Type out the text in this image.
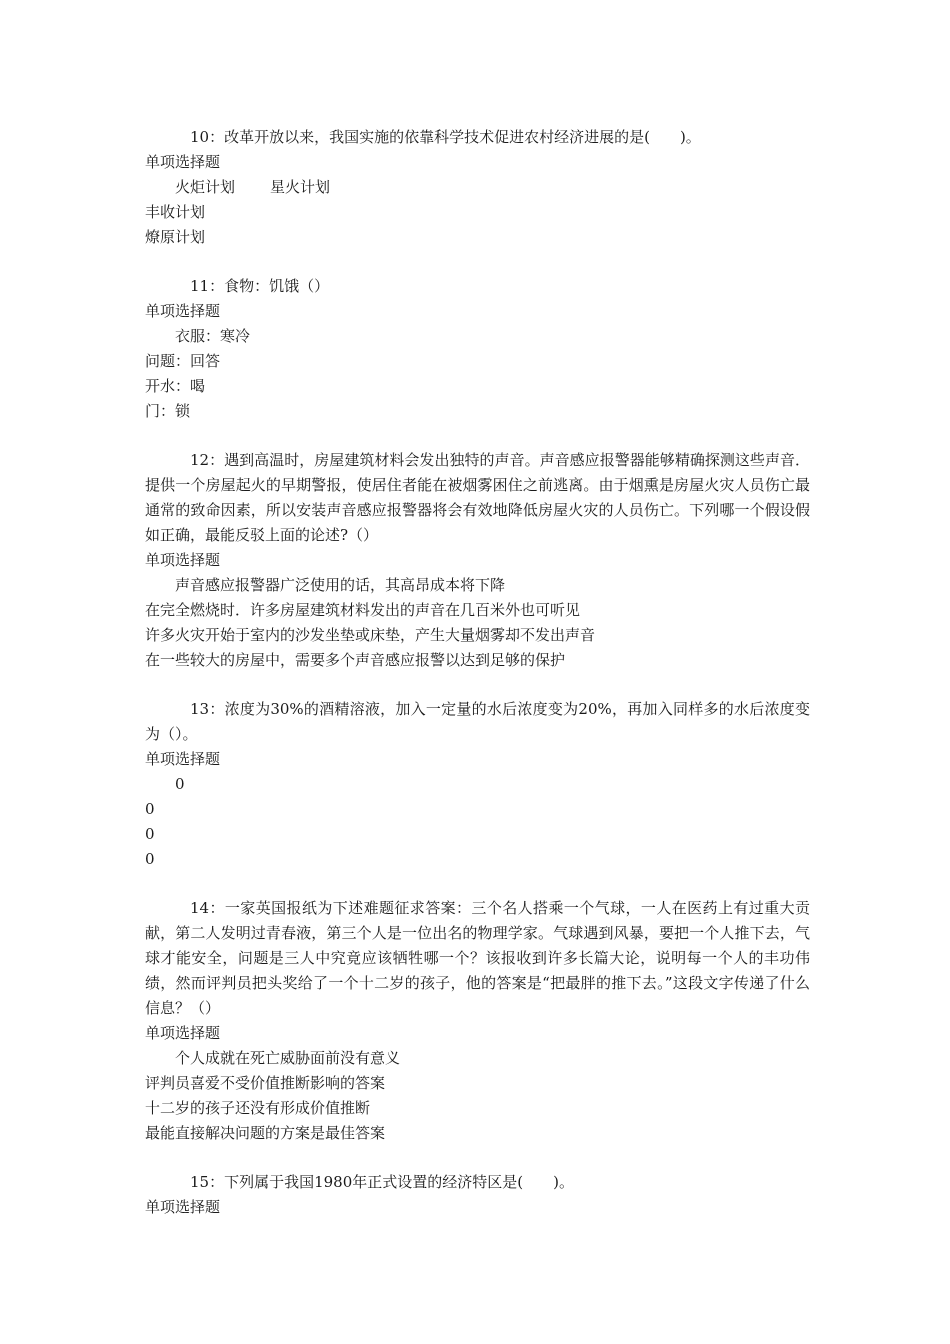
10：改革开放以来，我国实施的依靠科学技术促进农村经济进展的是(　　)。
单项选择题
火炬计划 星火计划
丰收计划
燎原计划
11：食物：饥饿（）
单项选择题
衣服：寒冷
问题：回答
开水：喝
门：锁
12：遇到高温时，房屋建筑材料会发出独特的声音。声音感应报警器能够精确探测这些声音．提供一个房屋起火的早期警报，使居住者能在被烟雾困住之前逃离。由于烟熏是房屋火灾人员伤亡最通常的致命因素，所以安装声音感应报警器将会有效地降低房屋火灾的人员伤亡。下列哪一个假设假如正确，最能反驳上面的论述?（）
单项选择题
声音感应报警器广泛使用的话，其高昂成本将下降
在完全燃烧时．许多房屋建筑材料发出的声音在几百米外也可听见
许多火灾开始于室内的沙发坐垫或床垫，产生大量烟雾却不发出声音
在一些较大的房屋中，需要多个声音感应报警以达到足够的保护
13：浓度为30%的酒精溶液，加入一定量的水后浓度变为20%，再加入同样多的水后浓度变为（）。
单项选择题
0
0
0
0
14：一家英国报纸为下述难题征求答案：三个名人搭乘一个气球，一人在医药上有过重大贡献，第二人发明过青春液，第三个人是一位出名的物理学家。气球遇到风暴，要把一个人推下去，气球才能安全，问题是三人中究竟应该牺牲哪一个？该报收到许多长篇大论，说明每一个人的丰功伟绩，然而评判员把头奖给了一个十二岁的孩子，他的答案是“把最胖的推下去。”这段文字传递了什么信息？（）
单项选择题
个人成就在死亡威胁面前没有意义
评判员喜爱不受价值推断影响的答案
十二岁的孩子还没有形成价值推断
最能直接解决问题的方案是最佳答案
15：下列属于我国1980年正式设置的经济特区是(　　)。
单项选择题
